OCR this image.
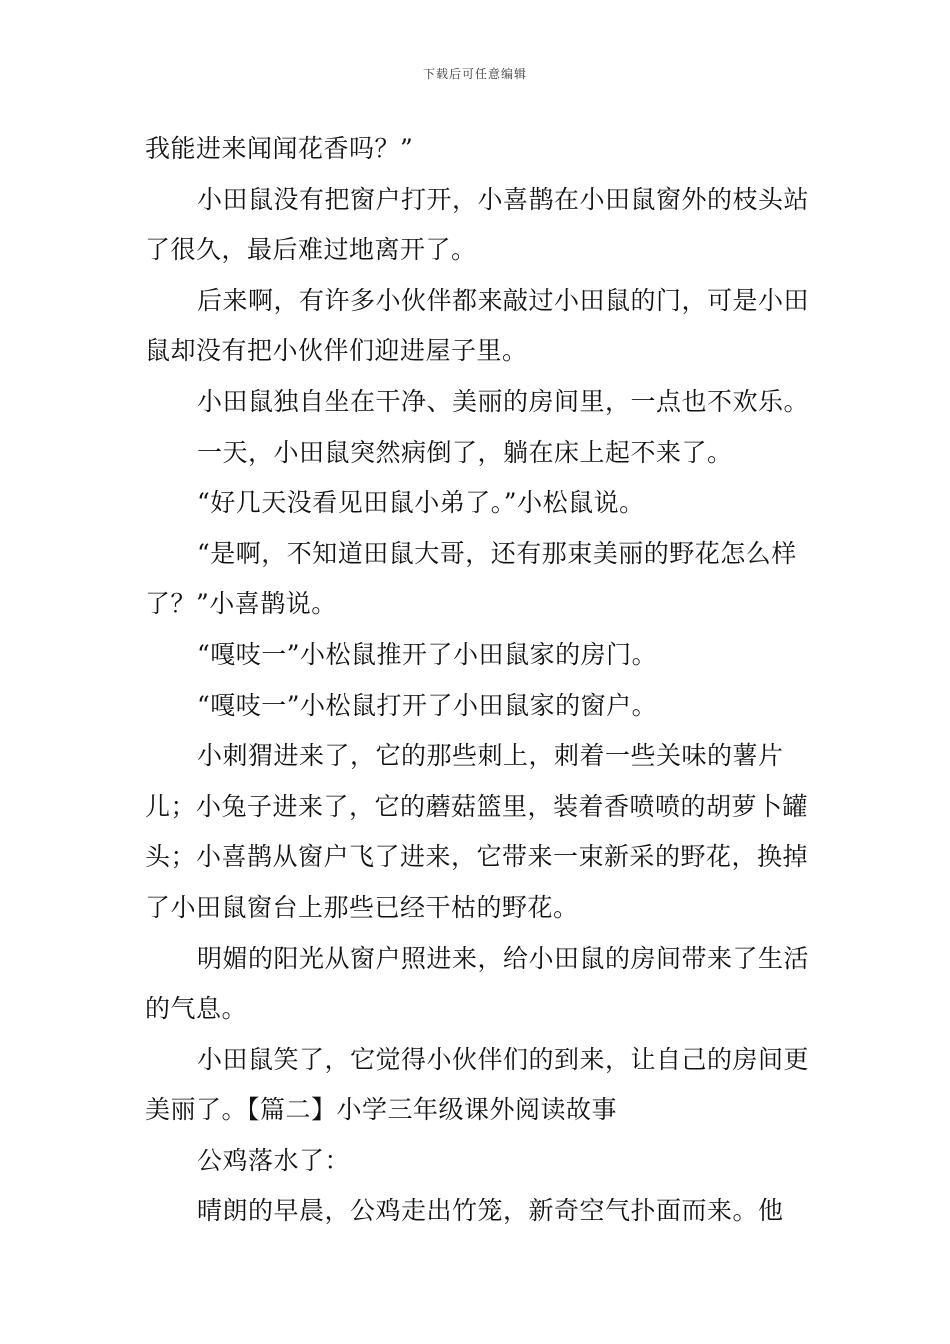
下载后可任意编辑

我能进来闻闻花香吗？”

小田鼠没有把窗户打开，小喜鹊在小田鼠窗外的枝头站了很久，最后难过地离开了。

后来啊，有许多小伙伴都来敲过小田鼠的门，可是小田鼠却没有把小伙伴们迎进屋子里。

小田鼠独自坐在干净、美丽的房间里，一点也不欢乐。

一天，小田鼠突然病倒了，躺在床上起不来了。

“好几天没看见田鼠小弟了。”小松鼠说。

“是啊，不知道田鼠大哥，还有那束美丽的野花怎么样了？”小喜鹊说。

“嘎吱一”小松鼠推开了小田鼠家的房门。

“嘎吱一”小松鼠打开了小田鼠家的窗户。

小刺猬进来了，它的那些刺上，刺着一些关味的薯片儿；小兔子进来了，它的蘑菇篮里，装着香喷喷的胡萝卜罐头；小喜鹊从窗户飞了进来，它带来一束新采的野花，换掉了小田鼠窗台上那些已经干枯的野花。

明媚的阳光从窗户照进来，给小田鼠的房间带来了生活的气息。

小田鼠笑了，它觉得小伙伴们的到来，让自己的房间更美丽了。【篇二】小学三年级课外阅读故事

公鸡落水了：

晴朗的早晨，公鸡走出竹笼，新奇空气扑面而来。他
